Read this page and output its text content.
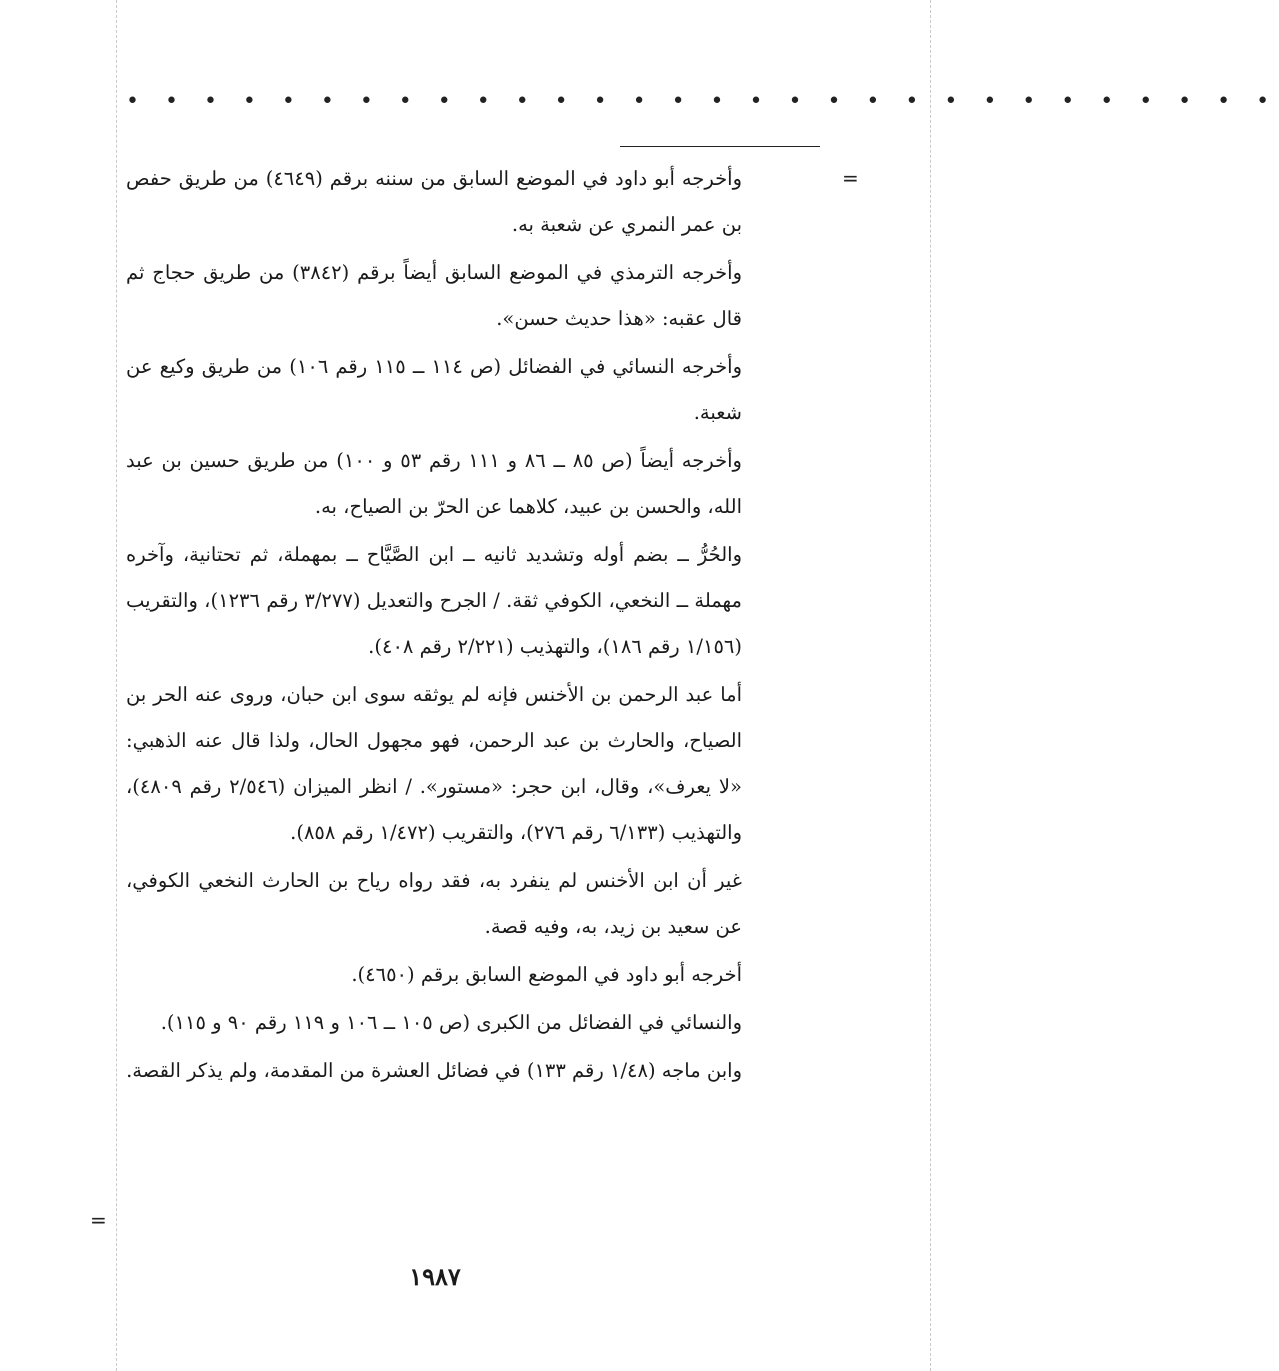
• • • • • • • • • • • • • • • • • • • • • • • • • • • • • •
=
=

وأخرجه أبو داود في الموضع السابق من سننه برقم (٤٦٤٩) من طريق حفص بن عمر النمري عن شعبة به.

وأخرجه الترمذي في الموضع السابق أيضاً برقم (٣٨٤٢) من طريق حجاج ثم قال عقبه: «هذا حديث حسن».

وأخرجه النسائي في الفضائل (ص ١١٤ ــ ١١٥ رقم ١٠٦) من طريق وكيع عن شعبة.

وأخرجه أيضاً (ص ٨٥ ــ ٨٦ و ١١١ رقم ٥٣ و ١٠٠) من طريق حسين بن عبد الله، والحسن بن عبيد، كلاهما عن الحرّ بن الصياح، به.

والحُرُّ ــ بضم أوله وتشديد ثانيه ــ ابن الصَّيَّاح ــ بمهملة، ثم تحتانية، وآخره مهملة ــ النخعي، الكوفي ثقة. / الجرح والتعديل (٣/٢٧٧ رقم ١٢٣٦)، والتقريب (١/١٥٦ رقم ١٨٦)، والتهذيب (٢/٢٢١ رقم ٤٠٨).

أما عبد الرحمن بن الأخنس فإنه لم يوثقه سوى ابن حبان، وروى عنه الحر بن الصياح، والحارث بن عبد الرحمن، فهو مجهول الحال، ولذا قال عنه الذهبي: «لا يعرف»، وقال، ابن حجر: «مستور». / انظر الميزان (٢/٥٤٦ رقم ٤٨٠٩)، والتهذيب (٦/١٣٣ رقم ٢٧٦)، والتقريب (١/٤٧٢ رقم ٨٥٨).

غير أن ابن الأخنس لم ينفرد به، فقد رواه رياح بن الحارث النخعي الكوفي، عن سعيد بن زيد، به، وفيه قصة.

أخرجه أبو داود في الموضع السابق برقم (٤٦٥٠).

والنسائي في الفضائل من الكبرى (ص ١٠٥ ــ ١٠٦ و ١١٩ رقم ٩٠ و ١١٥).

وابن ماجه (١/٤٨ رقم ١٣٣) في فضائل العشرة من المقدمة، ولم يذكر القصة.

١٩٨٧
